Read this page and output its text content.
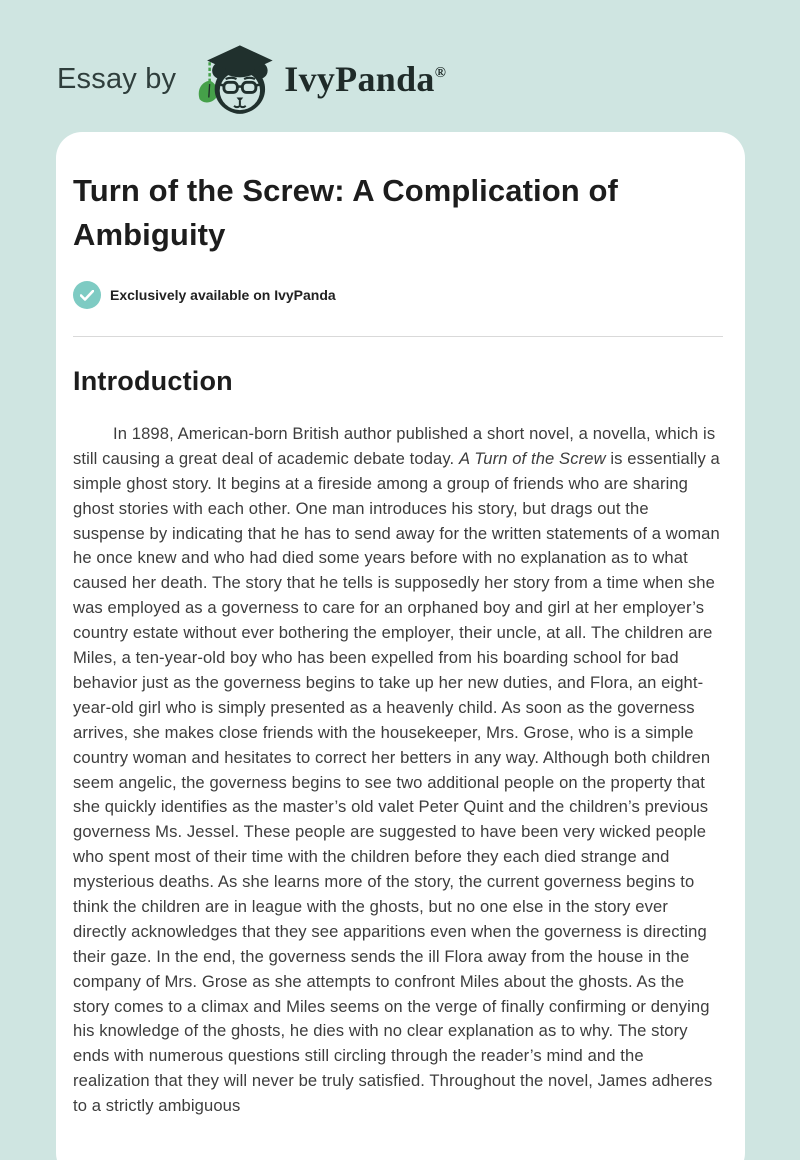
Essay by	IvyPanda®
Turn of the Screw: A Complication of Ambiguity
Exclusively available on IvyPanda
Introduction

In 1898, American-born British author published a short novel, a novella, which is still causing a great deal of academic debate today. A Turn of the Screw is essentially a simple ghost story. It begins at a fireside among a group of friends who are sharing ghost stories with each other. One man introduces his story, but drags out the suspense by indicating that he has to send away for the written statements of a woman he once knew and who had died some years before with no explanation as to what caused her death. The story that he tells is supposedly her story from a time when she was employed as a governess to care for an orphaned boy and girl at her employer’s country estate without ever bothering the employer, their uncle, at all. The children are Miles, a ten-year-old boy who has been expelled from his boarding school for bad behavior just as the governess begins to take up her new duties, and Flora, an eight-year-old girl who is simply presented as a heavenly child. As soon as the governess arrives, she makes close friends with the housekeeper, Mrs. Grose, who is a simple country woman and hesitates to correct her betters in any way. Although both children seem angelic, the governess begins to see two additional people on the property that she quickly identifies as the master’s old valet Peter Quint and the children’s previous governess Ms. Jessel. These people are suggested to have been very wicked people who spent most of their time with the children before they each died strange and mysterious deaths. As she learns more of the story, the current governess begins to think the children are in league with the ghosts, but no one else in the story ever directly acknowledges that they see apparitions even when the governess is directing their gaze. In the end, the governess sends the ill Flora away from the house in the company of Mrs. Grose as she attempts to confront Miles about the ghosts. As the story comes to a climax and Miles seems on the verge of finally confirming or denying his knowledge of the ghosts, he dies with no clear explanation as to why. The story ends with numerous questions still circling through the reader’s mind and the realization that they will never be truly satisfied. Throughout the novel, James adheres to a strictly ambiguous
